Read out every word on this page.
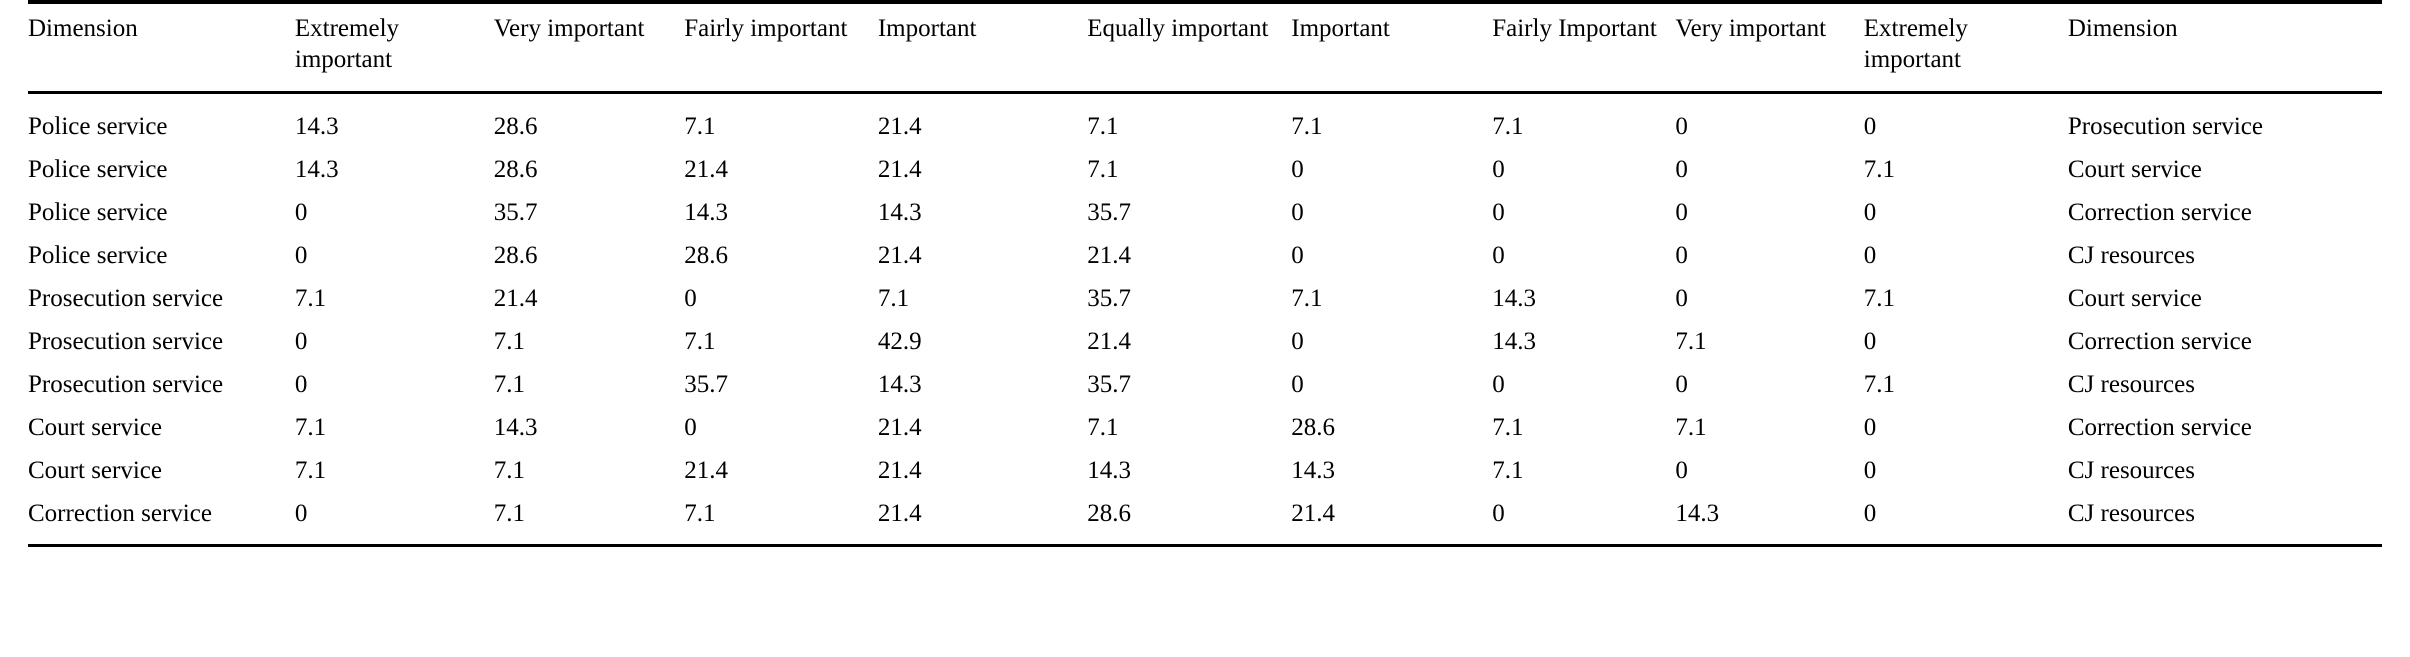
Dimension	Extremely important	Very important	Fairly important	Important	Equally important	Important	Fairly Important	Very important	Extremely important	Dimension

Police service	14.3	28.6	7.1	21.4	7.1	7.1	7.1	0	0	Prosecution service
Police service	14.3	28.6	21.4	21.4	7.1	0	0	0	7.1	Court service
Police service	0	35.7	14.3	14.3	35.7	0	0	0	0	Correction service
Police service	0	28.6	28.6	21.4	21.4	0	0	0	0	CJ resources
Prosecution service	7.1	21.4	0	7.1	35.7	7.1	14.3	0	7.1	Court service
Prosecution service	0	7.1	7.1	42.9	21.4	0	14.3	7.1	0	Correction service
Prosecution service	0	7.1	35.7	14.3	35.7	0	0	0	7.1	CJ resources
Court service	7.1	14.3	0	21.4	7.1	28.6	7.1	7.1	0	Correction service
Court service	7.1	7.1	21.4	21.4	14.3	14.3	7.1	0	0	CJ resources
Correction service	0	7.1	7.1	21.4	28.6	21.4	0	14.3	0	CJ resources
